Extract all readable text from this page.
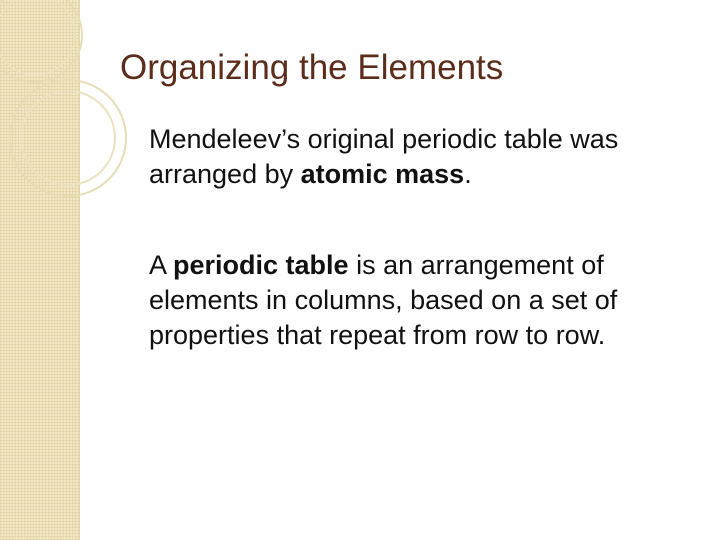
Organizing the Elements

Mendeleev’s original periodic table was arranged by atomic mass.

A periodic table is an arrangement of elements in columns, based on a set of properties that repeat from row to row.
